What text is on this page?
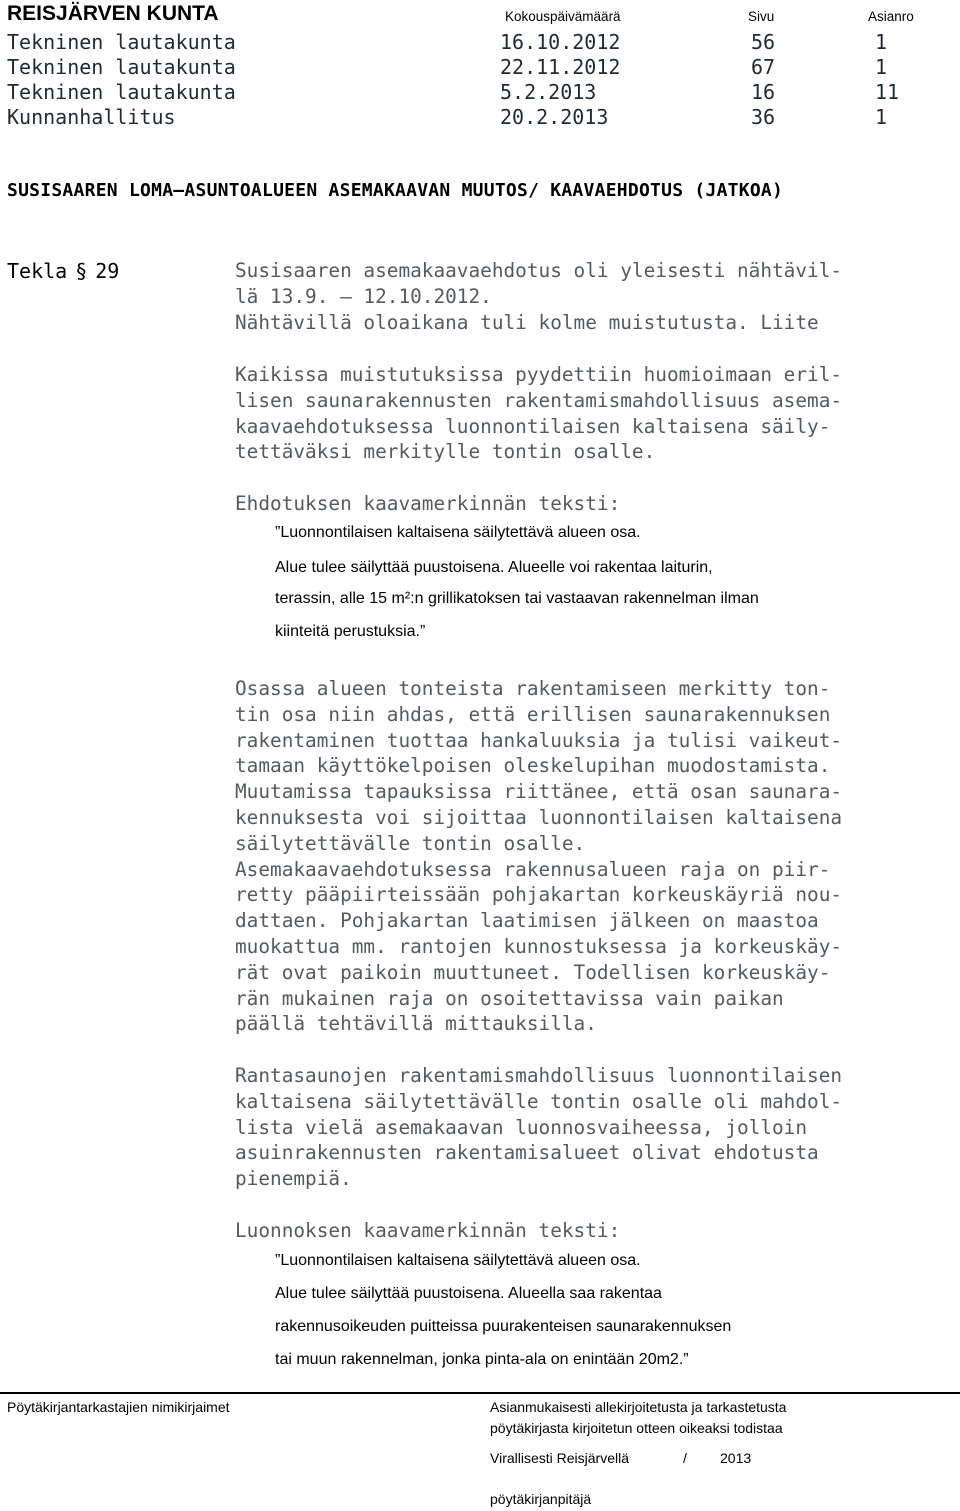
REISJÄRVEN KUNTA	Kokouspäivämäärä	Sivu	Asianro
Tekninen lautakunta	16.10.2012	56	1
Tekninen lautakunta	22.11.2012	67	1
Tekninen lautakunta	5.2.2013	16	11
Kunnanhallitus	20.2.2013	36	1
SUSISAAREN LOMA–ASUNTOALUEEN ASEMAKAAVAN MUUTOS/ KAAVAEHDOTUS (JATKOA)
Tekla § 29	Susisaaren asemakaavaehdotus oli yleisesti nähtävil-
lä 13.9. – 12.10.2012.
Nähtävillä oloaikana tuli kolme muistutusta. Liite
Kaikissa muistutuksissa pyydettiin huomioimaan eril-
lisen saunarakennusten rakentamismahdollisuus asema-
kaavaehdotuksessa luonnontilaisen kaltaisena säily-
tettäväksi merkitylle tontin osalle.
Ehdotuksen kaavamerkinnän teksti:
”Luonnontilaisen kaltaisena säilytettävä alueen osa.
Alue tulee säilyttää puustoisena. Alueelle voi rakentaa laiturin,
terassin, alle 15 m²:n grillikatoksen tai vastaavan rakennelman ilman
kiinteitä perustuksia.”
Osassa alueen tonteista rakentamiseen merkitty ton-
tin osa niin ahdas, että erillisen saunarakennuksen
rakentaminen tuottaa hankaluuksia ja tulisi vaikeut-
tamaan käyttökelpoisen oleskelupihan muodostamista.
Muutamissa tapauksissa riittänee, että osan saunara-
kennuksesta voi sijoittaa luonnontilaisen kaltaisena
säilytettävälle tontin osalle.
Asemakaavaehdotuksessa rakennusalueen raja on piir-
retty pääpiirteissään pohjakartan korkeuskäyriä nou-
dattaen. Pohjakartan laatimisen jälkeen on maastoa
muokattua mm. rantojen kunnostuksessa ja korkeuskäy-
rät ovat paikoin muuttuneet. Todellisen korkeuskäy-
rän mukainen raja on osoitettavissa vain paikan
päällä tehtävillä mittauksilla.
Rantasaunojen rakentamismahdollisuus luonnontilaisen
kaltaisena säilytettävälle tontin osalle oli mahdol-
lista vielä asemakaavan luonnosvaiheessa, jolloin
asuinrakennusten rakentamisalueet olivat ehdotusta
pienempiä.
Luonnoksen kaavamerkinnän teksti:
”Luonnontilaisen kaltaisena säilytettävä alueen osa.
Alue tulee säilyttää puustoisena. Alueella saa rakentaa
rakennusoikeuden puitteissa puurakenteisen saunarakennuksen
tai muun rakennelman, jonka pinta-ala on enintään 20m2.”
Pöytäkirjantarkastajien nimikirjaimet	Asianmukaisesti allekirjoitetusta ja tarkastetusta
pöytäkirjasta kirjoitetun otteen oikeaksi todistaa
Virallisesti Reisjärvellä	/ 2013
pöytäkirjanpitäjä
